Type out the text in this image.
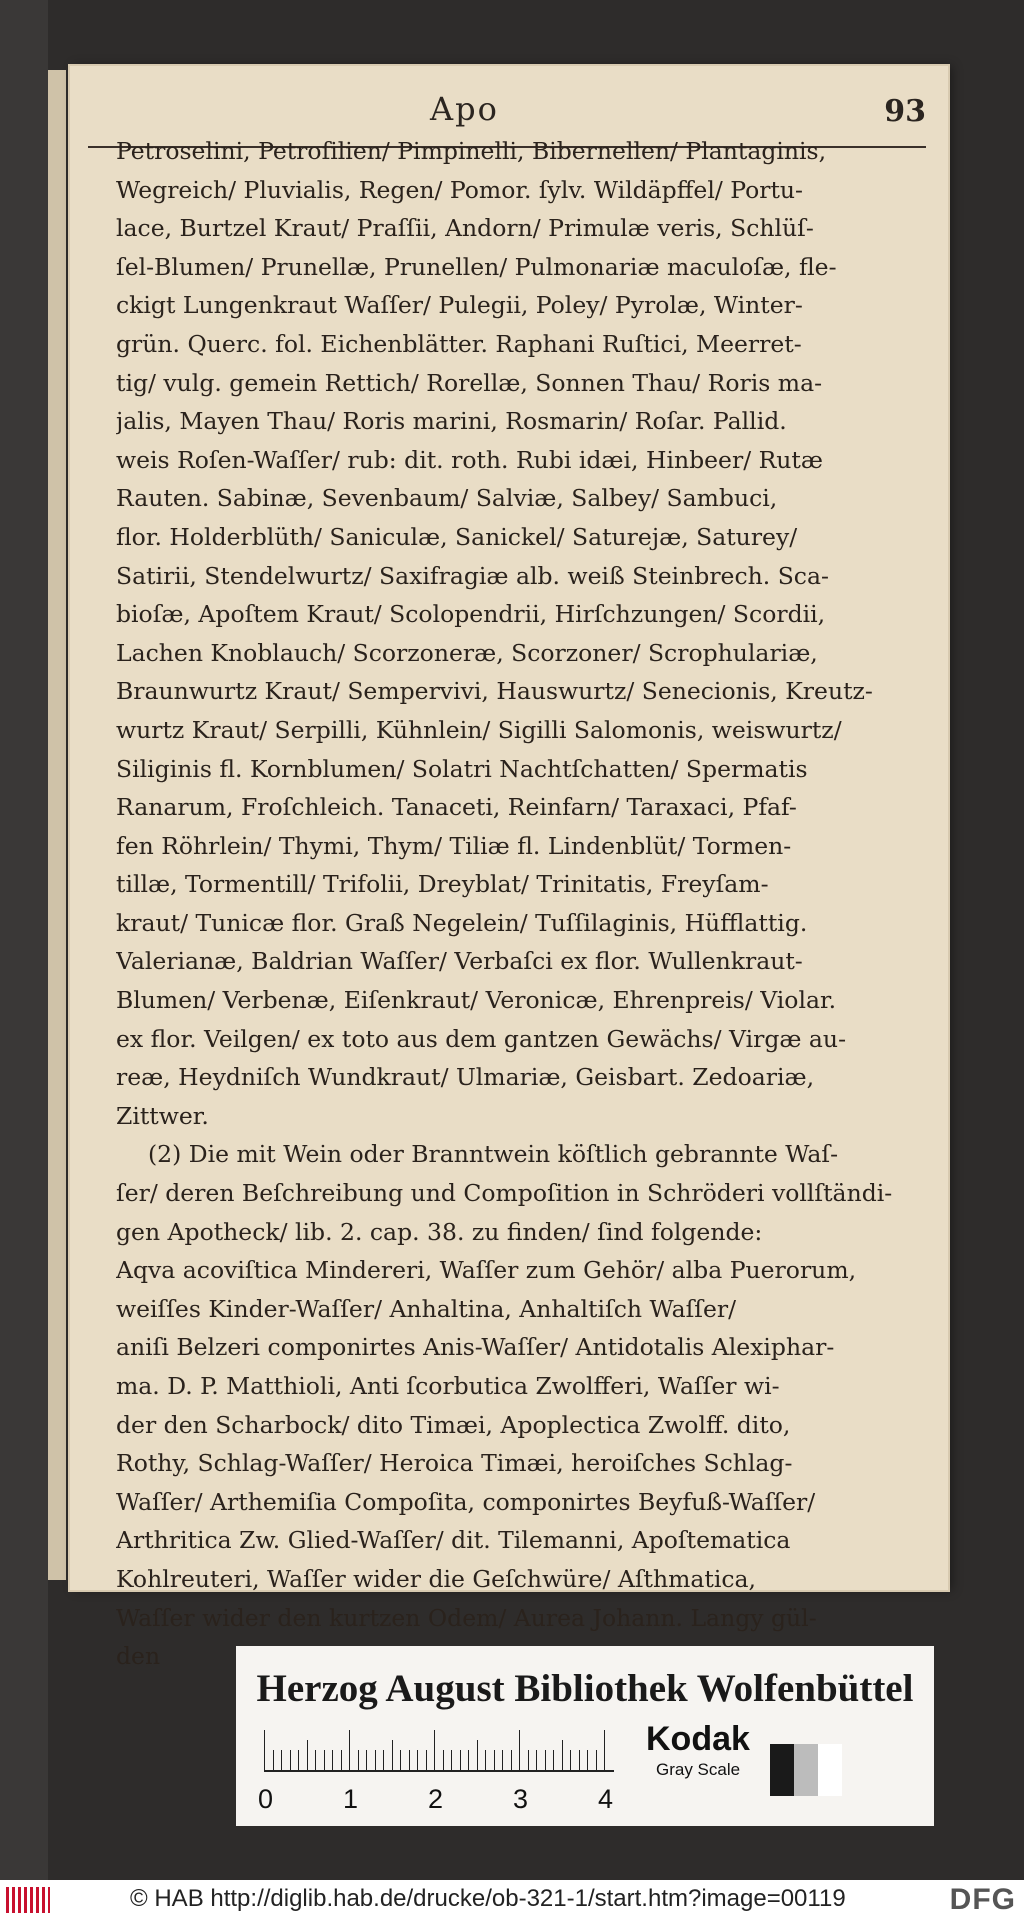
Apo	93
Petroselini, Petroſilien/ Pimpinelli, Bibernellen/ Plantaginis,
Wegreich/ Pluvialis, Regen/ Pomor. ſylv. Wildäpffel/ Portu-
lace, Burtzel Kraut/ Praſſii, Andorn/ Primulæ veris, Schlüſ-
ſel-Blumen/ Prunellæ, Prunellen/ Pulmonariæ maculoſæ, fle-
ckigt Lungenkraut Waſſer/ Pulegii, Poley/ Pyrolæ, Winter-
grün. Querc. fol. Eichenblätter. Raphani Ruſtici, Meerret-
tig/ vulg. gemein Rettich/ Rorellæ, Sonnen Thau/ Roris ma-
jalis, Mayen Thau/ Roris marini, Rosmarin/ Roſar. Pallid.
weis Roſen-Waſſer/ rub: dit. roth. Rubi idæi, Hinbeer/ Rutæ
Rauten. Sabinæ, Sevenbaum/ Salviæ, Salbey/ Sambuci,
flor. Holderblüth/ Saniculæ, Sanickel/ Saturejæ, Saturey/
Satirii, Stendelwurtz/ Saxifragiæ alb. weiß Steinbrech. Sca-
bioſæ, Apoſtem Kraut/ Scolopendrii, Hirſchzungen/ Scordii,
Lachen Knoblauch/ Scorzoneræ, Scorzoner/ Scrophulariæ,
Braunwurtz Kraut/ Sempervivi, Hauswurtz/ Senecionis, Kreutz-
wurtz Kraut/ Serpilli, Kühnlein/ Sigilli Salomonis, weiswurtz/
Siliginis fl. Kornblumen/ Solatri Nachtſchatten/ Spermatis
Ranarum, Froſchleich. Tanaceti, Reinfarn/ Taraxaci, Pfaf-
fen Röhrlein/ Thymi, Thym/ Tiliæ fl. Lindenblüt/ Tormen-
tillæ, Tormentill/ Trifolii, Dreyblat/ Trinitatis, Freyſam-
kraut/ Tunicæ flor. Graß Negelein/ Tuſſilaginis, Hüfflattig.
Valerianæ, Baldrian Waſſer/ Verbaſci ex flor. Wullenkraut-
Blumen/ Verbenæ, Eiſenkraut/ Veronicæ, Ehrenpreis/ Violar.
ex flor. Veilgen/ ex toto aus dem gantzen Gewächs/ Virgæ au-
reæ, Heydniſch Wundkraut/ Ulmariæ, Geisbart. Zedoariæ,
Zittwer.
(2) Die mit Wein oder Branntwein köſtlich gebrannte Waſ-
ſer/ deren Beſchreibung und Compoſition in Schröderi vollſtändi-
gen Apotheck/ lib. 2. cap. 38. zu finden/ ſind folgende:
Aqva acoviſtica Mindereri, Waſſer zum Gehör/ alba Puerorum,
weiſſes Kinder-Waſſer/ Anhaltina, Anhaltiſch Waſſer/
aniſi Belzeri componirtes Anis-Waſſer/ Antidotalis Alexiphar-
ma. D. P. Matthioli, Anti ſcorbutica Zwolfferi, Waſſer wi-
der den Scharbock/ dito Timæi, Apoplectica Zwolff. dito,
Rothy, Schlag-Waſſer/ Heroica Timæi, heroiſches Schlag-
Waſſer/ Arthemiſia Compoſita, componirtes Beyfuß-Waſſer/
Arthritica Zw. Glied-Waſſer/ dit. Tilemanni, Apoſtematica
Kohlreuteri, Waſſer wider die Geſchwüre/ Aſthmatica,
Waſſer wider den kurtzen Odem/ Aurea Johann. Langy gül-
den
Herzog August Bibliothek Wolfenbüttel
0	1	2	3	4
Kodak
Gray Scale
© HAB http://diglib.hab.de/drucke/ob-321-1/start.htm?image=00119	DFG
